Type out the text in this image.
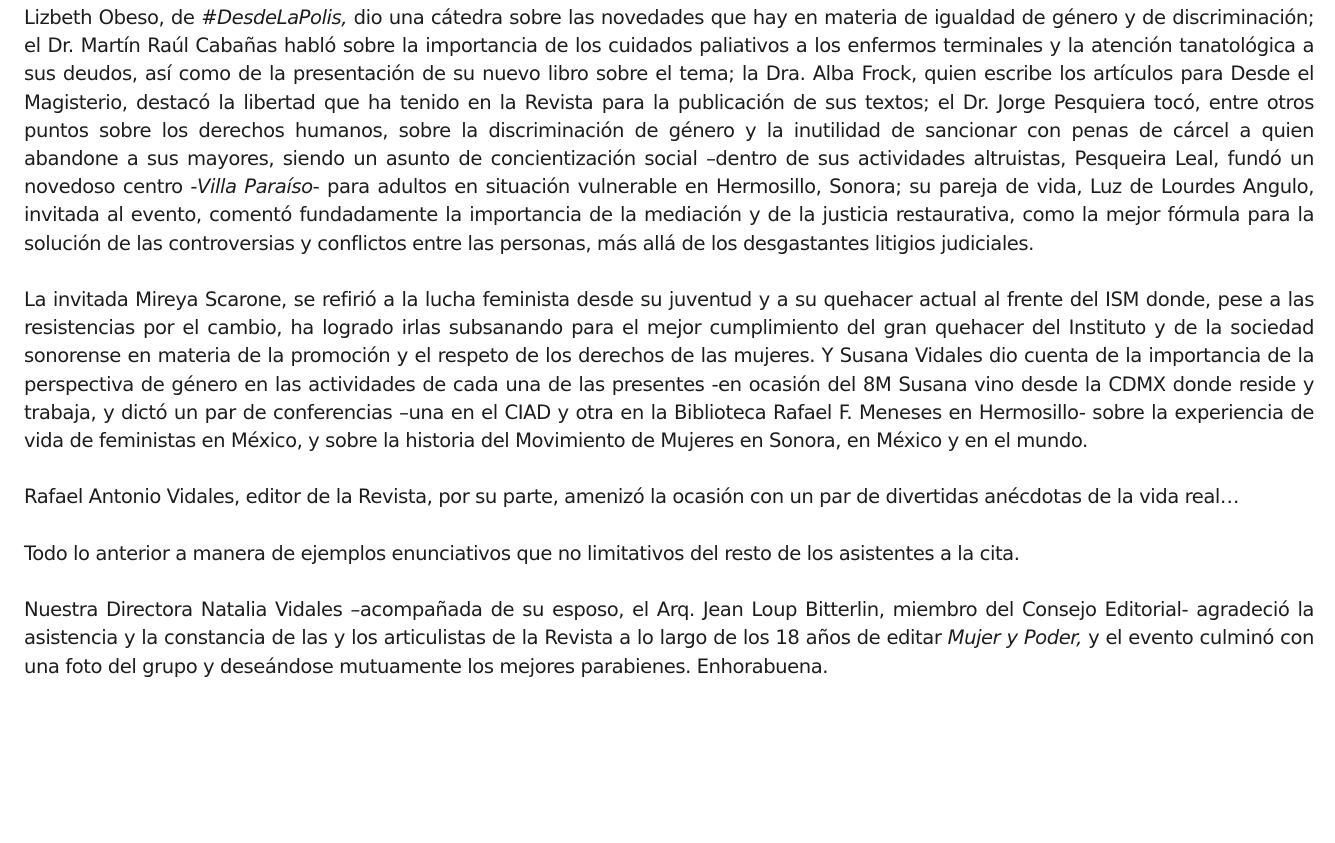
Lizbeth Obeso, de #DesdeLaPolis, dio una cátedra sobre las novedades que hay en materia de igualdad de género y de discriminación; el Dr. Martín Raúl Cabañas habló sobre la importancia de los cuidados paliativos a los enfermos terminales y la atención tanatológica a sus deudos, así como de la presentación de su nuevo libro sobre el tema; la Dra. Alba Frock, quien escribe los artículos para Desde el Magisterio, destacó la libertad que ha tenido en la Revista para la publicación de sus textos; el Dr. Jorge Pesquiera tocó, entre otros puntos sobre los derechos humanos, sobre la discriminación de género y la inutilidad de sancionar con penas de cárcel a quien abandone a sus mayores, siendo un asunto de concientización social –dentro de sus actividades altruistas, Pesqueira Leal, fundó un novedoso centro -Villa Paraíso- para adultos en situación vulnerable en Hermosillo, Sonora; su pareja de vida, Luz de Lourdes Angulo, invitada al evento, comentó fundadamente la importancia de la mediación y de la justicia restaurativa, como la mejor fórmula para la solución de las controversias y conflictos entre las personas, más allá de los desgastantes litigios judiciales.

La invitada Mireya Scarone, se refirió a la lucha feminista desde su juventud y a su quehacer actual al frente del ISM donde, pese a las resistencias por el cambio, ha logrado irlas subsanando para el mejor cumplimiento del gran quehacer del Instituto y de la sociedad sonorense en materia de la promoción y el respeto de los derechos de las mujeres. Y Susana Vidales dio cuenta de la importancia de la perspectiva de género en las actividades de cada una de las presentes -en ocasión del 8M Susana vino desde la CDMX donde reside y trabaja, y dictó un par de conferencias –una en el CIAD y otra en la Biblioteca Rafael F. Meneses en Hermosillo- sobre la experiencia de vida de feministas en México, y sobre la historia del Movimiento de Mujeres en Sonora, en México y en el mundo.

Rafael Antonio Vidales, editor de la Revista, por su parte, amenizó la ocasión con un par de divertidas anécdotas de la vida real…

Todo lo anterior a manera de ejemplos enunciativos que no limitativos del resto de los asistentes a la cita.

Nuestra Directora Natalia Vidales –acompañada de su esposo, el Arq. Jean Loup Bitterlin, miembro del Consejo Editorial- agradeció la asistencia y la constancia de las y los articulistas de la Revista a lo largo de los 18 años de editar Mujer y Poder, y el evento culminó con una foto del grupo y deseándose mutuamente los mejores parabienes. Enhorabuena.
